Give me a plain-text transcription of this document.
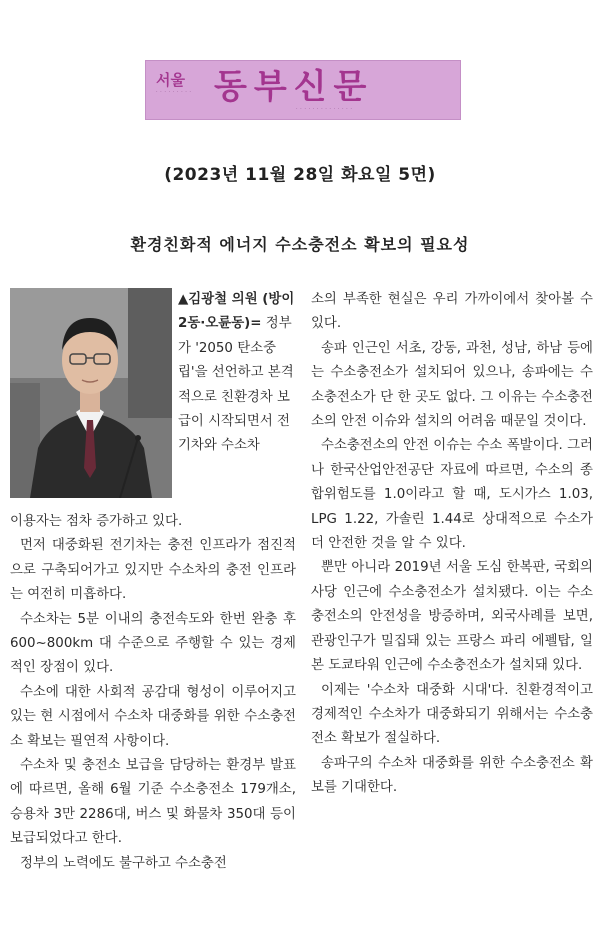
서울
· · · · · · · · · 동부신문
· · · · · · · · · · · · · ·
(2023년 11월 28일 화요일 5면)
환경친화적 에너지 수소충전소 확보의 필요성

▲김광철 의원 (방이2동·오륜동)= 정부가 '2050 탄소중립'을 선언하고 본격적으로 친환경차 보급이 시작되면서 전기차와 수소차

이용자는 점차 증가하고 있다.

먼저 대중화된 전기차는 충전 인프라가 점진적으로 구축되어가고 있지만 수소차의 충전 인프라는 여전히 미흡하다.

수소차는 5분 이내의 충전속도와 한번 완충 후 600~800km 대 수준으로 주행할 수 있는 경제적인 장점이 있다.

수소에 대한 사회적 공감대 형성이 이루어지고 있는 현 시점에서 수소차 대중화를 위한 수소충전소 확보는 필연적 사항이다.

수소차 및 충전소 보급을 담당하는 환경부 발표에 따르면, 올해 6월 기준 수소충전소 179개소, 승용차 3만 2286대, 버스 및 화물차 350대 등이 보급되었다고 한다.

정부의 노력에도 불구하고 수소충전

소의 부족한 현실은 우리 가까이에서 찾아볼 수 있다.

송파 인근인 서초, 강동, 과천, 성남, 하남 등에는 수소충전소가 설치되어 있으나, 송파에는 수소충전소가 단 한 곳도 없다. 그 이유는 수소충전소의 안전 이슈와 설치의 어려움 때문일 것이다.

수소충전소의 안전 이슈는 수소 폭발이다. 그러나 한국산업안전공단 자료에 따르면, 수소의 종합위험도를 1.0이라고 할 때, 도시가스 1.03, LPG 1.22, 가솔린 1.44로 상대적으로 수소가 더 안전한 것을 알 수 있다.

뿐만 아니라 2019년 서울 도심 한복판, 국회의사당 인근에 수소충전소가 설치됐다. 이는 수소충전소의 안전성을 방증하며, 외국사례를 보면, 관광인구가 밀집돼 있는 프랑스 파리 에펠탑, 일본 도쿄타워 인근에 수소충전소가 설치돼 있다.

이제는 '수소차 대중화 시대'다. 친환경적이고 경제적인 수소차가 대중화되기 위해서는 수소충전소 확보가 절실하다.

송파구의 수소차 대중화를 위한 수소충전소 확보를 기대한다.
